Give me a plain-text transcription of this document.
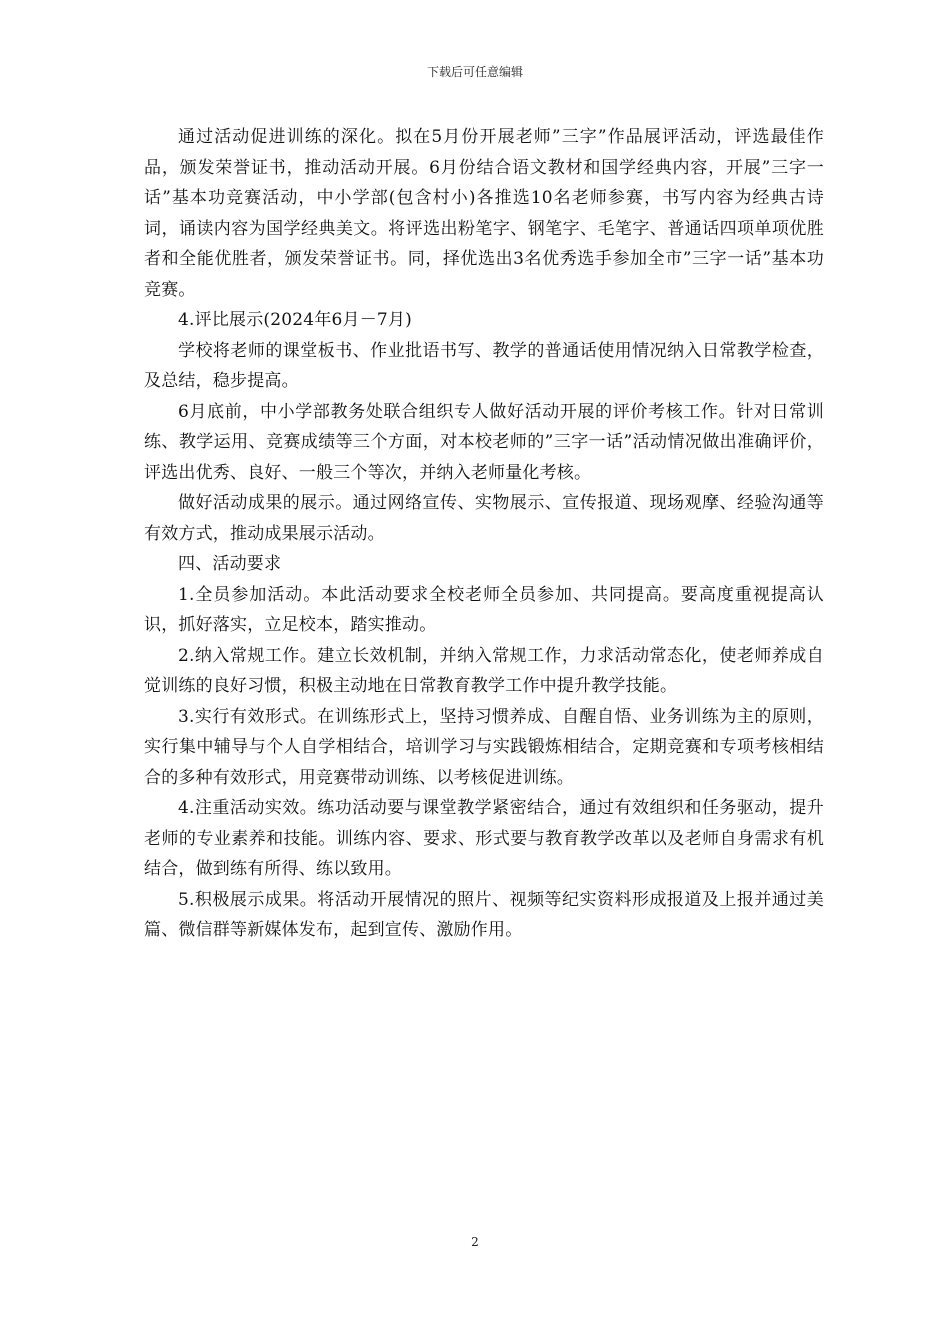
下载后可任意编辑

通过活动促进训练的深化。拟在5月份开展老师”三字”作品展评活动，评选最佳作品，颁发荣誉证书，推动活动开展。6月份结合语文教材和国学经典内容，开展”三字一话”基本功竞赛活动，中小学部(包含村小)各推选10名老师参赛，书写内容为经典古诗词，诵读内容为国学经典美文。将评选出粉笔字、钢笔字、毛笔字、普通话四项单项优胜者和全能优胜者，颁发荣誉证书。同，择优选出3名优秀选手参加全市”三字一话”基本功竞赛。

4.评比展示(2024年6月－7月)

学校将老师的课堂板书、作业批语书写、教学的普通话使用情况纳入日常教学检查，及总结，稳步提高。

6月底前，中小学部教务处联合组织专人做好活动开展的评价考核工作。针对日常训练、教学运用、竞赛成绩等三个方面，对本校老师的”三字一话”活动情况做出准确评价，评选出优秀、良好、一般三个等次，并纳入老师量化考核。

做好活动成果的展示。通过网络宣传、实物展示、宣传报道、现场观摩、经验沟通等有效方式，推动成果展示活动。

四、活动要求

1.全员参加活动。本此活动要求全校老师全员参加、共同提高。要高度重视提高认识，抓好落实，立足校本，踏实推动。

2.纳入常规工作。建立长效机制，并纳入常规工作，力求活动常态化，使老师养成自觉训练的良好习惯，积极主动地在日常教育教学工作中提升教学技能。

3.实行有效形式。在训练形式上，坚持习惯养成、自醒自悟、业务训练为主的原则，实行集中辅导与个人自学相结合，培训学习与实践锻炼相结合，定期竞赛和专项考核相结合的多种有效形式，用竞赛带动训练、以考核促进训练。

4.注重活动实效。练功活动要与课堂教学紧密结合，通过有效组织和任务驱动，提升老师的专业素养和技能。训练内容、要求、形式要与教育教学改革以及老师自身需求有机结合，做到练有所得、练以致用。

5.积极展示成果。将活动开展情况的照片、视频等纪实资料形成报道及上报并通过美篇、微信群等新媒体发布，起到宣传、激励作用。

2
